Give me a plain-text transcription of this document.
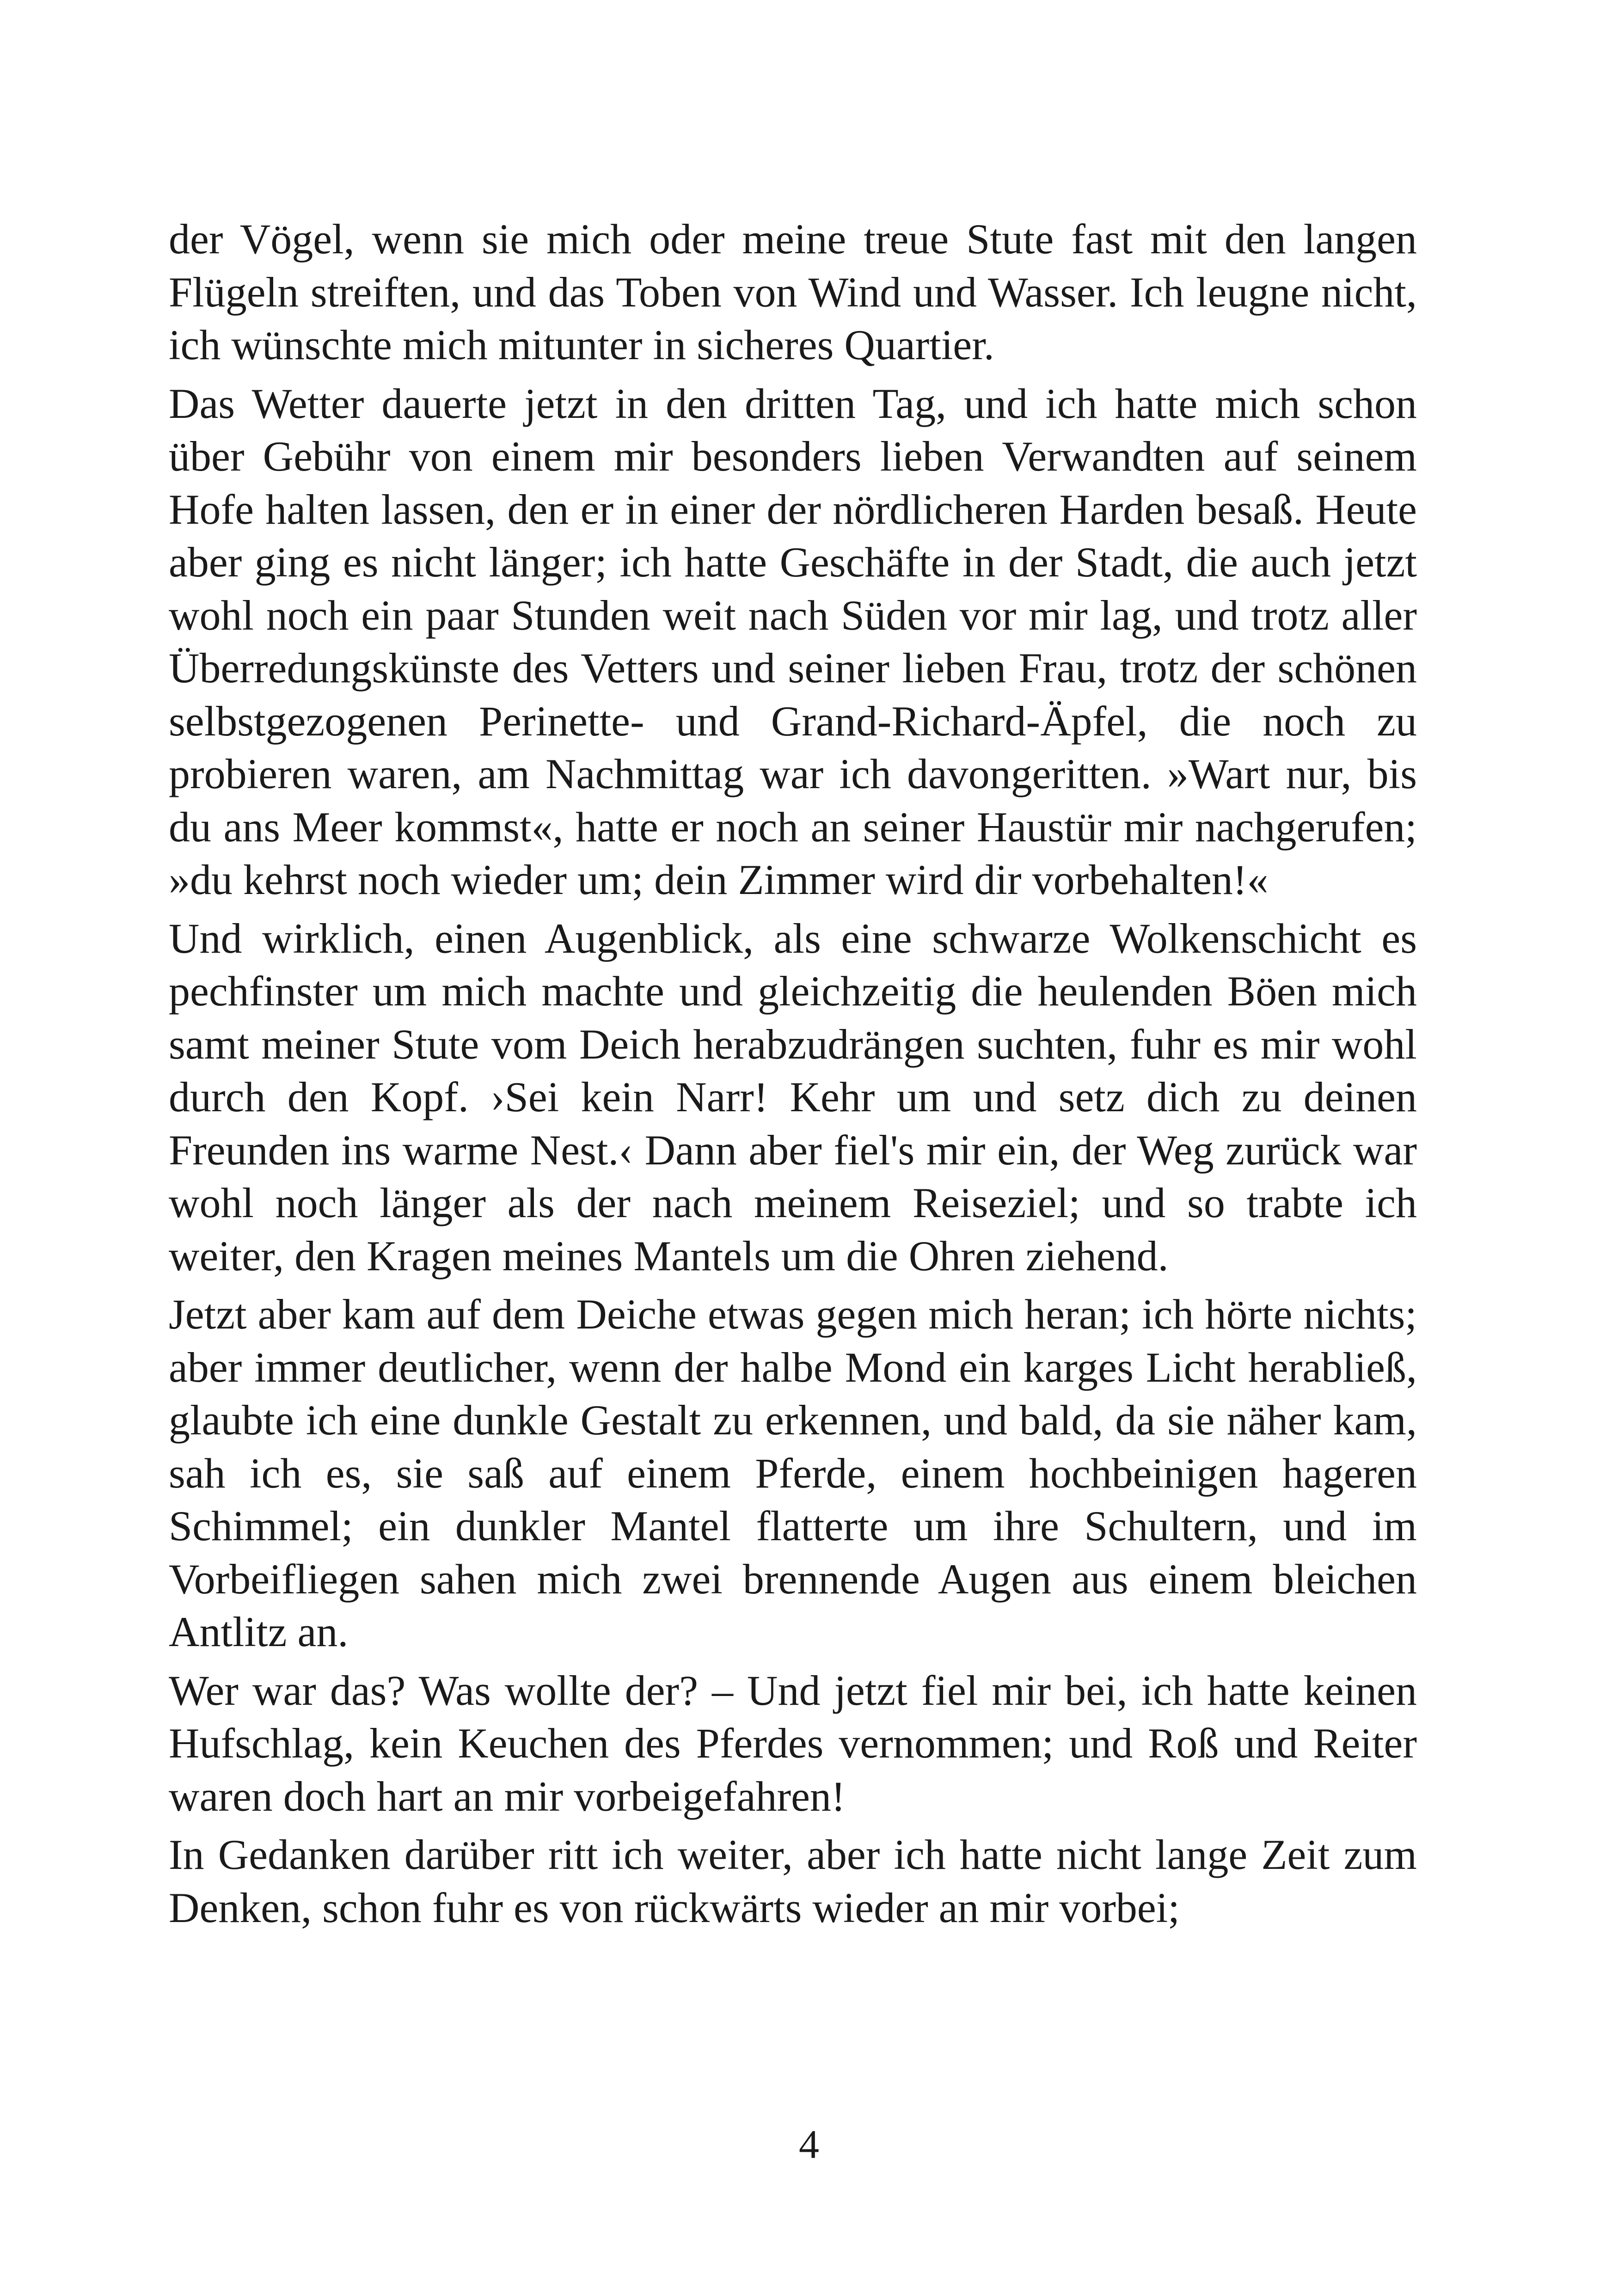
der Vögel, wenn sie mich oder meine treue Stute fast mit den langen Flügeln streiften, und das Toben von Wind und Wasser. Ich leugne nicht, ich wünschte mich mitunter in sicheres Quartier.

Das Wetter dauerte jetzt in den dritten Tag, und ich hatte mich schon über Gebühr von einem mir besonders lieben Verwandten auf seinem Hofe halten lassen, den er in einer der nördlicheren Harden besaß. Heute aber ging es nicht länger; ich hatte Geschäfte in der Stadt, die auch jetzt wohl noch ein paar Stunden weit nach Süden vor mir lag, und trotz aller Überredungskünste des Vetters und seiner lieben Frau, trotz der schönen selbstgezogenen Perinette- und Grand-Richard-Äpfel, die noch zu probieren waren, am Nachmittag war ich davongeritten. »Wart nur, bis du ans Meer kommst«, hatte er noch an seiner Haustür mir nachgerufen; »du kehrst noch wieder um; dein Zimmer wird dir vorbehalten!«

Und wirklich, einen Augenblick, als eine schwarze Wolkenschicht es pechfinster um mich machte und gleichzeitig die heulenden Böen mich samt meiner Stute vom Deich herabzudrängen suchten, fuhr es mir wohl durch den Kopf. ›Sei kein Narr! Kehr um und setz dich zu deinen Freunden ins warme Nest.‹ Dann aber fiel's mir ein, der Weg zurück war wohl noch länger als der nach meinem Reiseziel; und so trabte ich weiter, den Kragen meines Mantels um die Ohren ziehend.

Jetzt aber kam auf dem Deiche etwas gegen mich heran; ich hörte nichts; aber immer deutlicher, wenn der halbe Mond ein karges Licht herabließ, glaubte ich eine dunkle Gestalt zu erkennen, und bald, da sie näher kam, sah ich es, sie saß auf einem Pferde, einem hochbeinigen hageren Schimmel; ein dunkler Mantel flatterte um ihre Schultern, und im Vorbeifliegen sahen mich zwei brennende Augen aus einem bleichen Antlitz an.

Wer war das? Was wollte der? – Und jetzt fiel mir bei, ich hatte keinen Hufschlag, kein Keuchen des Pferdes vernommen; und Roß und Reiter waren doch hart an mir vorbeigefahren!

In Gedanken darüber ritt ich weiter, aber ich hatte nicht lange Zeit zum Denken, schon fuhr es von rückwärts wieder an mir vorbei;

4
